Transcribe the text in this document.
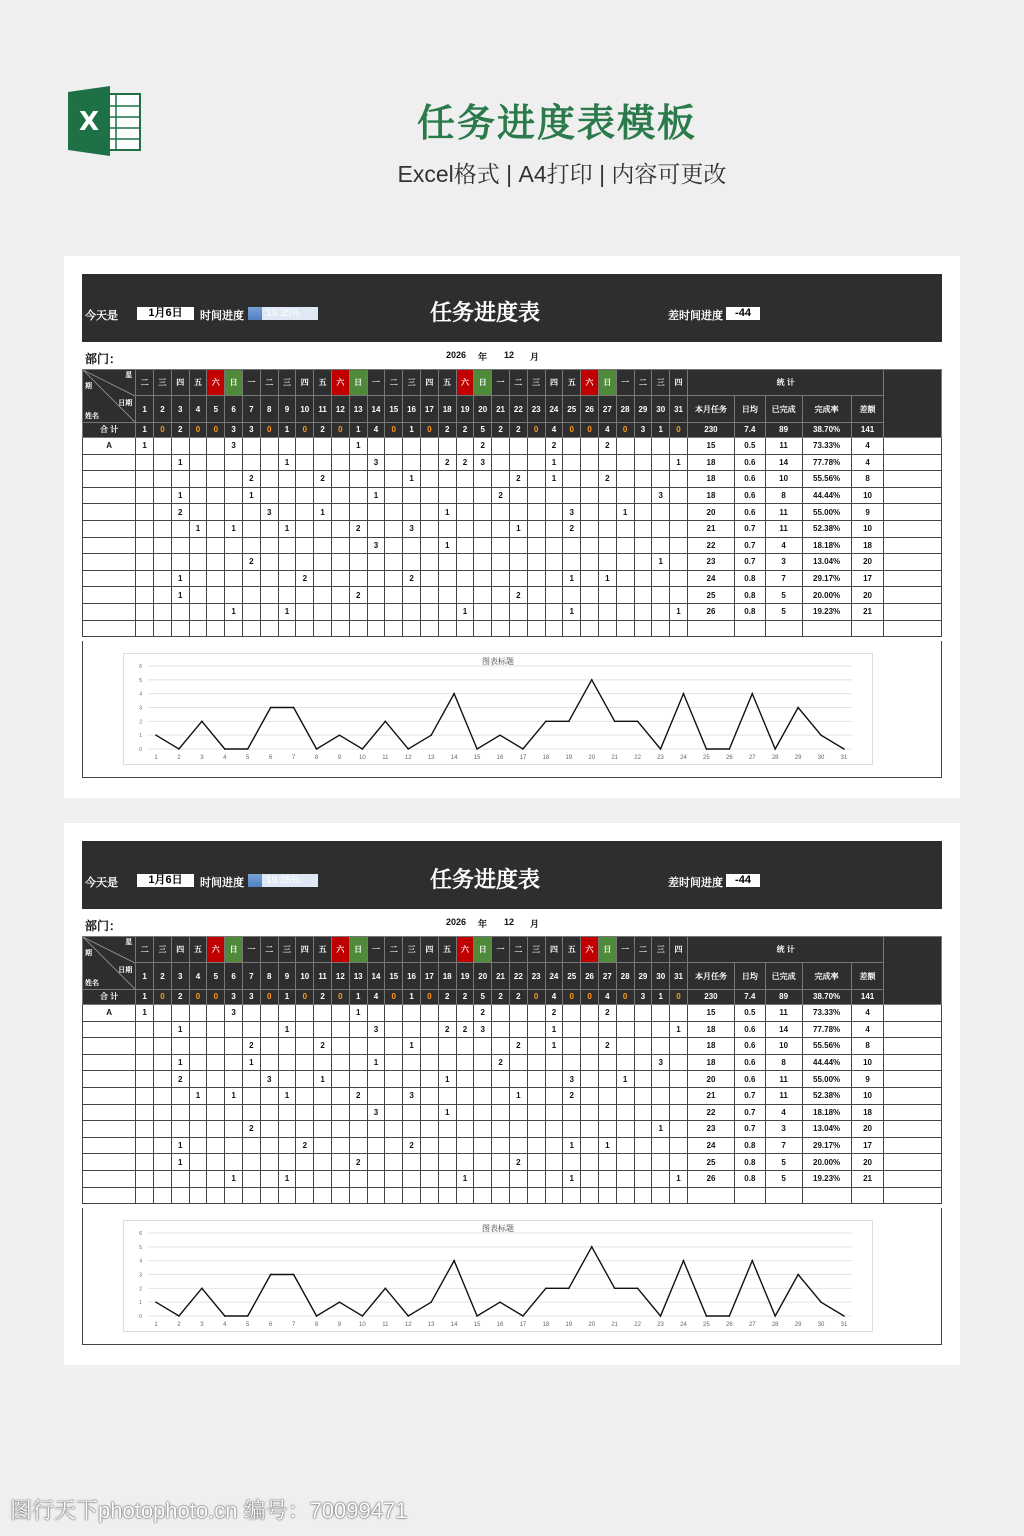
X	任务进度表模板
Excel格式 | A4打印 | 内容可更改
今天是	1月6日	时间进度	19.35%	任务进度表	差时间进度	-44
部门：	2026 年 12 月
星
期
日期
姓名	二	三	四	五	六	日	一	二	三	四	五	六	日	一	二	三	四	五	六	日	一	二	三	四	五	六	日	一	二	三	四	统 计					
	1	2	3	4	5	6	7	8	9	10	11	12	13	14	15	16	17	18	19	20	21	22	23	24	25	26	27	28	29	30	31	本月任务	日均	已完成	完成率	差额	
合 计	1	0	2	0	0	3	3	0	1	0	2	0	1	4	0	1	0	2	2	5	2	2	0	4	0	0	4	0	3	1	0	230	7.4	89	38.70%	141	
A	1					3							1							2				2			2					15	0.5	11	73.33%	4	
			1						1					3				2	2	3				1							1	18	0.6	14	77.78%	4	
							2				2					1						2		1			2					18	0.6	10	55.56%	8	
			1				1							1							2									3		18	0.6	8	44.44%	10	
			2					3			1							1							3			1				20	0.6	11	55.00%	9	
				1		1			1				2			3						1			2							21	0.7	11	52.38%	10	
														3				1														22	0.7	4	18.18%	18	
							2																							1		23	0.7	3	13.04%	20	
			1							2						2									1		1					24	0.8	7	29.17%	17	
			1										2									2										25	0.8	5	20.00%	20	
						1			1										1						1						1	26	0.8	5	19.23%	21	

图表标题
0
1
2
3
4
5
6
1	2	3	4	5	6	7	8	9	10	11	12	13	14	15	16	17	18	19	20	21	22	23	24	25	26	27	28	29	30	31
今天是	1月6日	时间进度	19.35%	任务进度表	差时间进度	-44
部门：	2026 年 12 月
星
期
日期
姓名	二	三	四	五	六	日	一	二	三	四	五	六	日	一	二	三	四	五	六	日	一	二	三	四	五	六	日	一	二	三	四	统 计					
	1	2	3	4	5	6	7	8	9	10	11	12	13	14	15	16	17	18	19	20	21	22	23	24	25	26	27	28	29	30	31	本月任务	日均	已完成	完成率	差额	
合 计	1	0	2	0	0	3	3	0	1	0	2	0	1	4	0	1	0	2	2	5	2	2	0	4	0	0	4	0	3	1	0	230	7.4	89	38.70%	141	
A	1					3							1							2				2			2					15	0.5	11	73.33%	4	
			1						1					3				2	2	3				1							1	18	0.6	14	77.78%	4	
							2				2					1						2		1			2					18	0.6	10	55.56%	8	
			1				1							1							2									3		18	0.6	8	44.44%	10	
			2					3			1							1							3			1				20	0.6	11	55.00%	9	
				1		1			1				2			3						1			2							21	0.7	11	52.38%	10	
														3				1														22	0.7	4	18.18%	18	
							2																							1		23	0.7	3	13.04%	20	
			1							2						2									1		1					24	0.8	7	29.17%	17	
			1										2									2										25	0.8	5	20.00%	20	
						1			1										1						1						1	26	0.8	5	19.23%	21	

图表标题
0
1
2
3
4
5
6
1	2	3	4	5	6	7	8	9	10	11	12	13	14	15	16	17	18	19	20	21	22	23	24	25	26	27	28	29	30	31
图行天下photophoto.cn 编号：70099471
